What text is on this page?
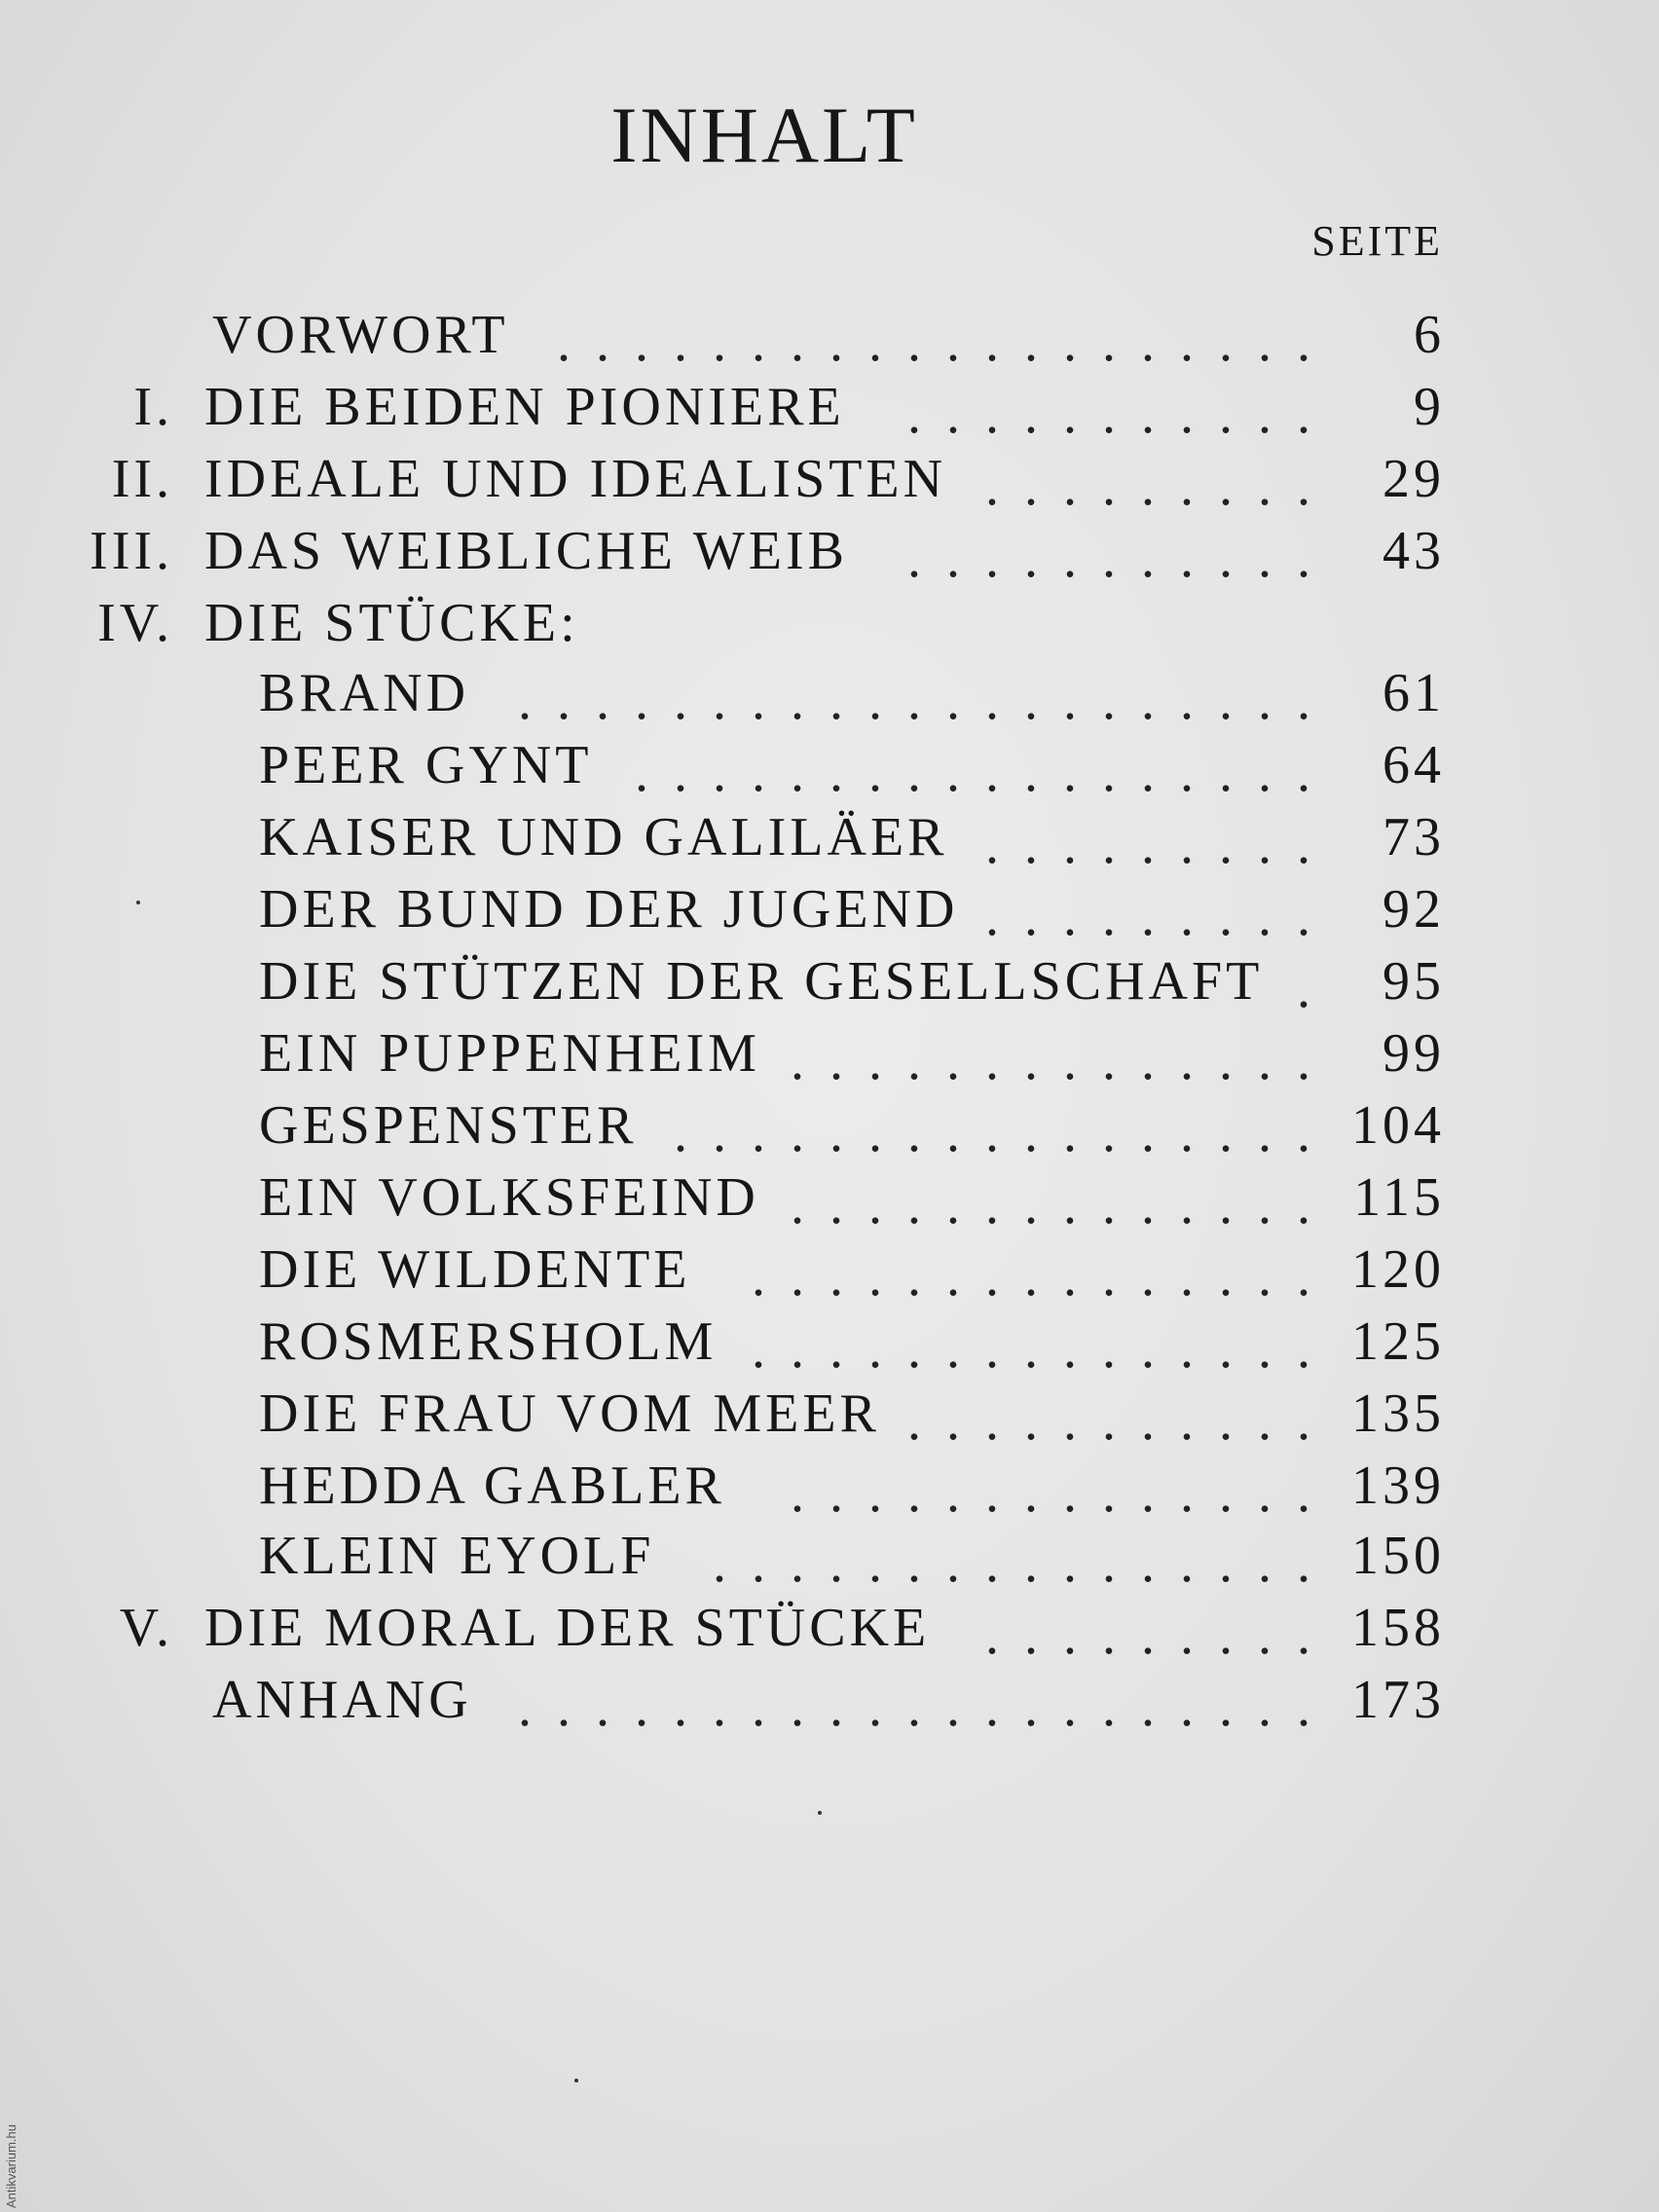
INHALT
SEITE
VORWORT .................... 6
I. DIE BEIDEN PIONIERE	........... 9
II. IDEALE UND IDEALISTEN ......... 29
III. DAS WEIBLICHE WEIB	........... 43
IV. DIE STÜCKE:
BRAND ..................... 61
PEER GYNT .................. 64
KAISER UND GALILÄER ......... 73
DER BUND DER JUGEND ......... 92
DIE STÜTZEN DER GESELLSCHAFT . 95
EIN PUPPENHEIM .............. 99
GESPENSTER ................. 104
EIN VOLKSFEIND .............. 115
DIE WILDENTE	............... 120
ROSMERSHOLM ............... 125
DIE FRAU VOM MEER ........... 135
HEDDA GABLER	.............. 139
KLEIN EYOLF	................ 150
V. DIE MORAL DER STÜCKE	......... 158
ANHANG ..................... 173
Antikvarium.hu
